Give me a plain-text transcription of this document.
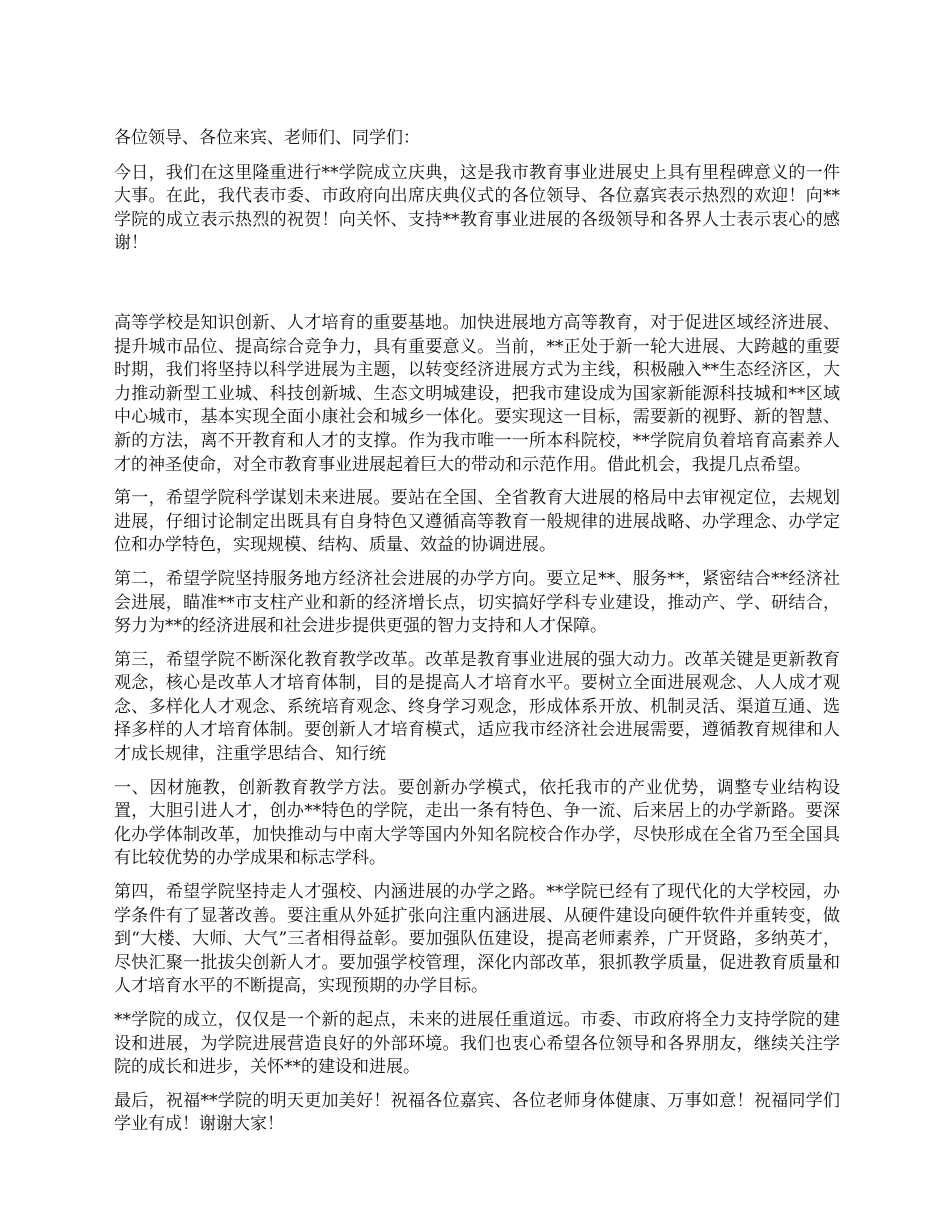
各位领导、各位来宾、老师们、同学们：

今日，我们在这里隆重进行**学院成立庆典，这是我市教育事业进展史上具有里程碑意义的一件大事。在此，我代表市委、市政府向出席庆典仪式的各位领导、各位嘉宾表示热烈的欢迎！向**学院的成立表示热烈的祝贺！向关怀、支持**教育事业进展的各级领导和各界人士表示衷心的感谢！

高等学校是知识创新、人才培育的重要基地。加快进展地方高等教育，对于促进区域经济进展、提升城市品位、提高综合竞争力，具有重要意义。当前，**正处于新一轮大进展、大跨越的重要时期，我们将坚持以科学进展为主题，以转变经济进展方式为主线，积极融入**生态经济区，大力推动新型工业城、科技创新城、生态文明城建设，把我市建设成为国家新能源科技城和**区域中心城市，基本实现全面小康社会和城乡一体化。要实现这一目标，需要新的视野、新的智慧、新的方法，离不开教育和人才的支撑。作为我市唯一一所本科院校，**学院肩负着培育高素养人才的神圣使命，对全市教育事业进展起着巨大的带动和示范作用。借此机会，我提几点希望。

第一，希望学院科学谋划未来进展。要站在全国、全省教育大进展的格局中去审视定位，去规划进展，仔细讨论制定出既具有自身特色又遵循高等教育一般规律的进展战略、办学理念、办学定位和办学特色，实现规模、结构、质量、效益的协调进展。

第二，希望学院坚持服务地方经济社会进展的办学方向。要立足**、服务**，紧密结合**经济社会进展，瞄准**市支柱产业和新的经济增长点，切实搞好学科专业建设，推动产、学、研结合，努力为**的经济进展和社会进步提供更强的智力支持和人才保障。

第三，希望学院不断深化教育教学改革。改革是教育事业进展的强大动力。改革关键是更新教育观念，核心是改革人才培育体制，目的是提高人才培育水平。要树立全面进展观念、人人成才观念、多样化人才观念、系统培育观念、终身学习观念，形成体系开放、机制灵活、渠道互通、选择多样的人才培育体制。要创新人才培育模式，适应我市经济社会进展需要，遵循教育规律和人才成长规律，注重学思结合、知行统

一、因材施教，创新教育教学方法。要创新办学模式，依托我市的产业优势，调整专业结构设置，大胆引进人才，创办**特色的学院，走出一条有特色、争一流、后来居上的办学新路。要深化办学体制改革，加快推动与中南大学等国内外知名院校合作办学，尽快形成在全省乃至全国具有比较优势的办学成果和标志学科。

第四，希望学院坚持走人才强校、内涵进展的办学之路。**学院已经有了现代化的大学校园，办学条件有了显著改善。要注重从外延扩张向注重内涵进展、从硬件建设向硬件软件并重转变，做到“大楼、大师、大气”三者相得益彰。要加强队伍建设，提高老师素养，广开贤路，多纳英才，尽快汇聚一批拔尖创新人才。要加强学校管理，深化内部改革，狠抓教学质量，促进教育质量和人才培育水平的不断提高，实现预期的办学目标。

**学院的成立，仅仅是一个新的起点，未来的进展任重道远。市委、市政府将全力支持学院的建设和进展，为学院进展营造良好的外部环境。我们也衷心希望各位领导和各界朋友，继续关注学院的成长和进步，关怀**的建设和进展。

最后，祝福**学院的明天更加美好！祝福各位嘉宾、各位老师身体健康、万事如意！祝福同学们学业有成！谢谢大家！
